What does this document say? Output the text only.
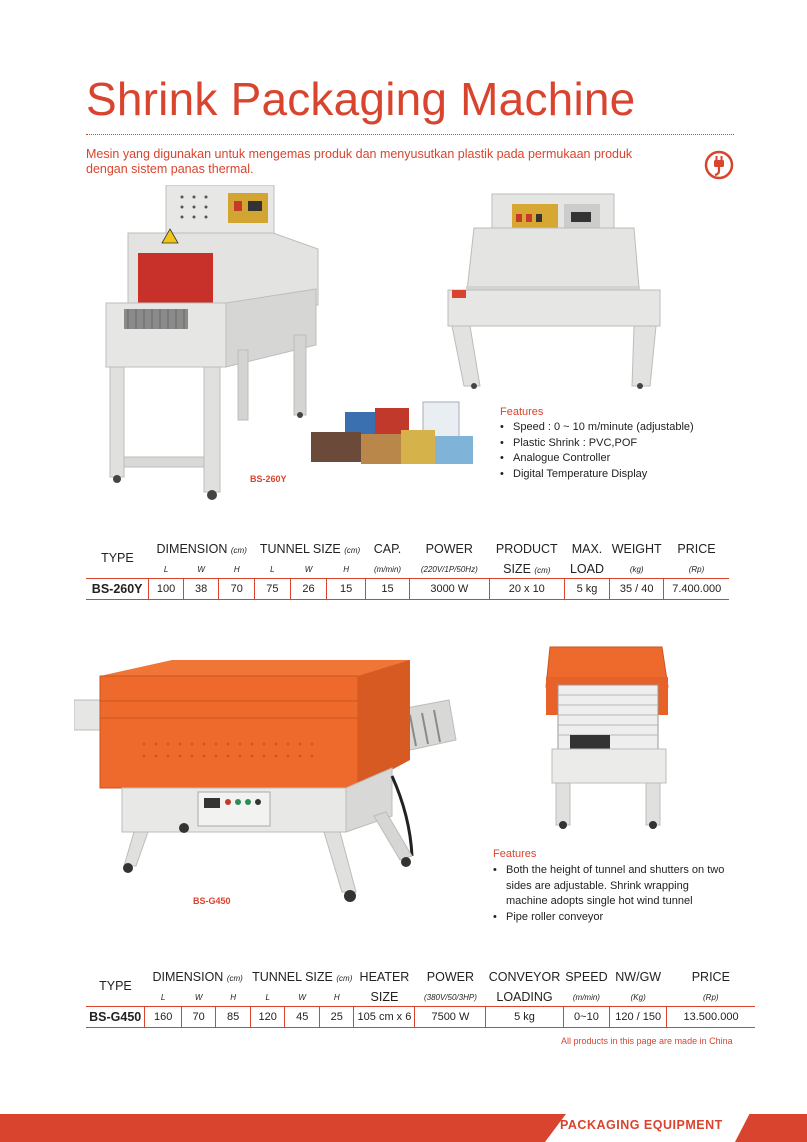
Shrink Packaging Machine
Mesin yang digunakan untuk mengemas produk dan menyusutkan plastik pada permukaan produk dengan sistem panas thermal.
BS-260Y
Features
• Speed : 0 ~ 10 m/minute (adjustable)
• Plastic Shrink : PVC,POF
• Analogue Controller
• Digital Temperature Display
TYPE	DIMENSION (cm)			TUNNEL SIZE (cm)			CAP.	POWER	PRODUCT	MAX.	WEIGHT	PRICE
	L	W	H	L	W	H	(m/min)	(220V/1P/50Hz)	SIZE (cm)	LOAD	(kg)	(Rp)
BS-260Y	100	38	70	75	26	15	15	3000 W	20 x 10	5 kg	35 / 40	7.400.000
BS-G450
Features
• Both the height of tunnel and shutters on two sides are adjustable. Shrink wrapping machine adopts single hot wind tunnel
• Pipe roller conveyor
TYPE	DIMENSION (cm)			TUNNEL SIZE (cm)			HEATER	POWER	CONVEYOR	SPEED	NW/GW	PRICE
	L	W	H	L	W	H	SIZE	(380V/50/3HP)	LOADING	(m/min)	(Kg)	(Rp)
BS-G450	160	70	85	120	45	25	105 cm x 6	7500 W	5 kg	0~10	120 / 150	13.500.000
All products in this page are made in China
PACKAGING EQUIPMENT
